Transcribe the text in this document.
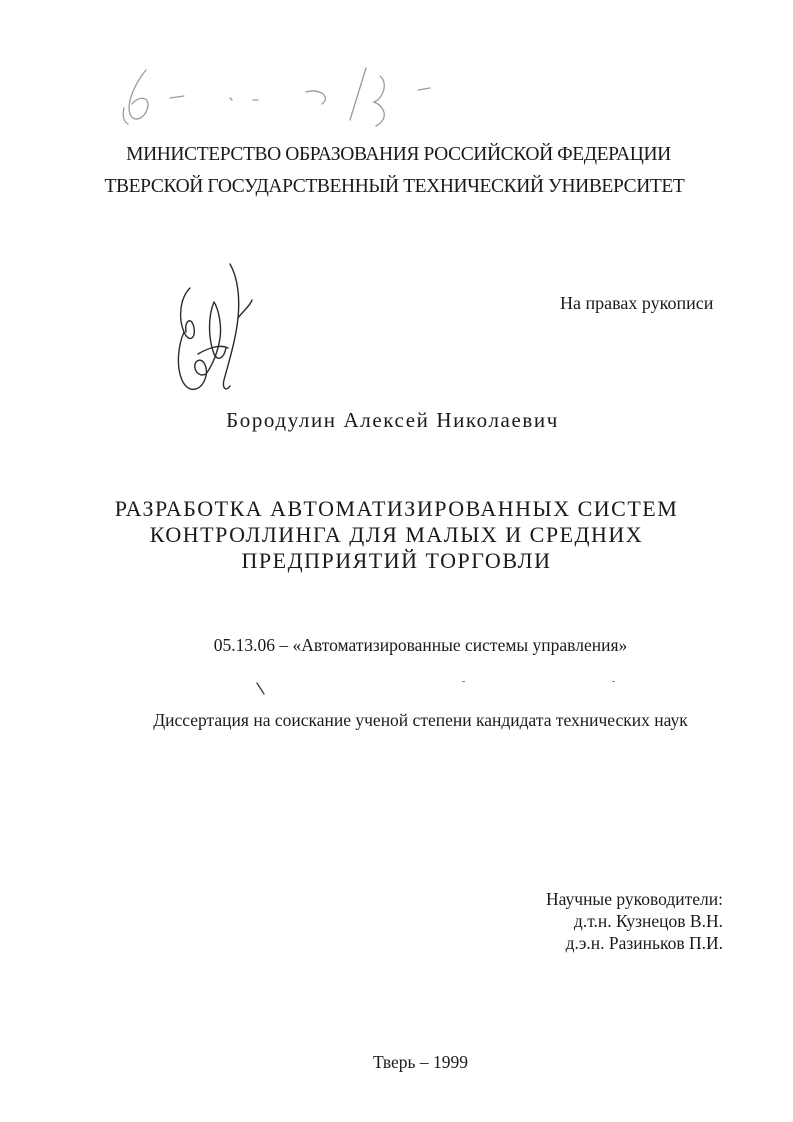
МИНИСТЕРСТВО ОБРАЗОВАНИЯ РОССИЙСКОЙ ФЕДЕРАЦИИ
ТВЕРСКОЙ ГОСУДАРСТВЕННЫЙ ТЕХНИЧЕСКИЙ УНИВЕРСИТЕТ
На правах рукописи
Бородулин Алексей Николаевич
РАЗРАБОТКА АВТОМАТИЗИРОВАННЫХ СИСТЕМ
КОНТРОЛЛИНГА ДЛЯ МАЛЫХ И СРЕДНИХ
ПРЕДПРИЯТИЙ ТОРГОВЛИ
05.13.06 – «Автоматизированные системы управления»
Диссертация на соискание ученой степени кандидата технических наук
Научные руководители:
д.т.н. Кузнецов В.Н.
д.э.н. Разиньков П.И.
Тверь – 1999
